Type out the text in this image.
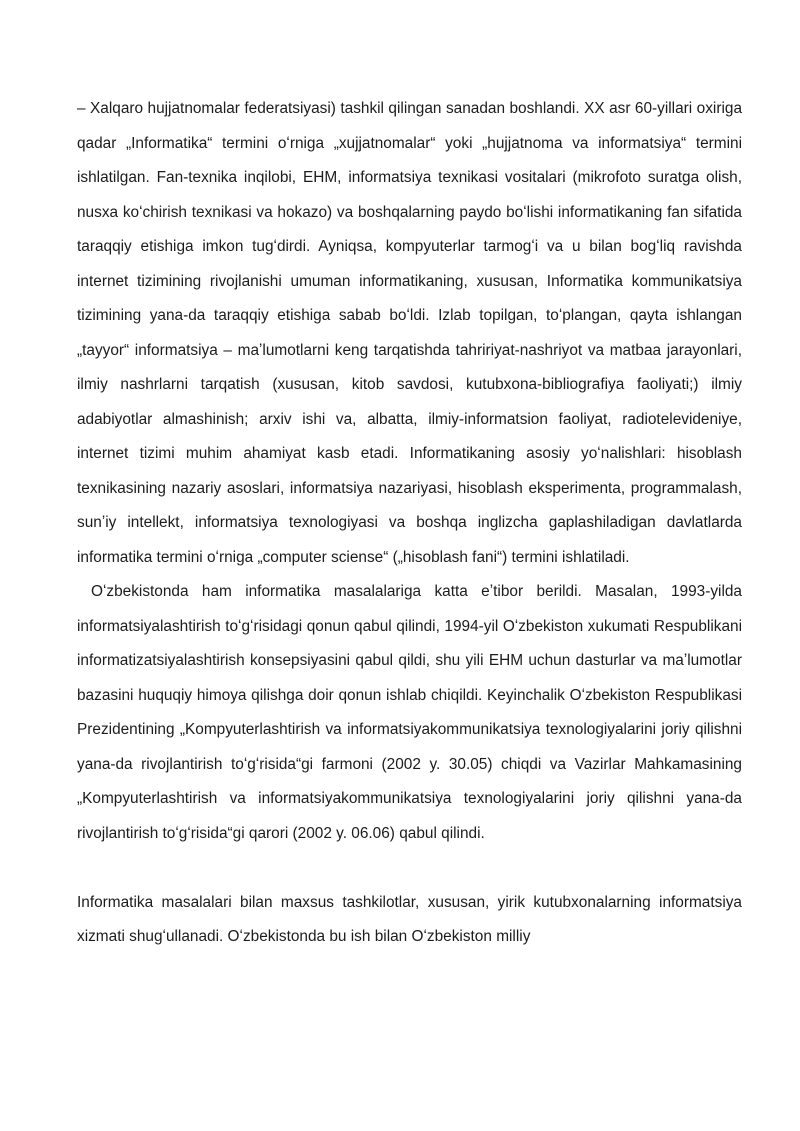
– Xalqaro hujjatnomalar federatsiyasi) tashkil qilingan sanadan boshlandi. XX asr 60-yillari oxiriga qadar „Informatika“ termini oʻrniga „xujjatnomalar“ yoki „hujjatnoma va informatsiya“ termini ishlatilgan. Fan-texnika inqilobi, EHM, informatsiya texnikasi vositalari (mikrofoto suratga olish, nusxa koʻchirish texnikasi va hokazo) va boshqalarning paydo boʻlishi informatikaning fan sifatida taraqqiy etishiga imkon tugʻdirdi. Ayniqsa, kompyuterlar tarmogʻi va u bilan bogʻliq ravishda internet tizimining rivojlanishi umuman informatikaning, xususan, Informatika kommunikatsiya tizimining yana-da taraqqiy etishiga sabab boʻldi. Izlab topilgan, toʻplangan, qayta ishlangan „tayyor“ informatsiya – maʼlumotlarni keng tarqatishda tahririyat-nashriyot va matbaa jarayonlari, ilmiy nashrlarni tarqatish (xususan, kitob savdosi, kutubxona-bibliografiya faoliyati;) ilmiy adabiyotlar almashinish; arxiv ishi va, albatta, ilmiy-informatsion faoliyat, radiotelevideniye, internet tizimi muhim ahamiyat kasb etadi. Informatikaning asosiy yoʻnalishlari: hisoblash texnikasining nazariy asoslari, informatsiya nazariyasi, hisoblash eksperimenta, programmalash, sunʼiy intellekt, informatsiya texnologiyasi va boshqa inglizcha gaplashiladigan davlatlarda informatika termini oʻrniga „computer sciense“ („hisoblash fani“) termini ishlatiladi.

Oʻzbekistonda ham informatika masalalariga katta eʼtibor berildi. Masalan, 1993-yilda informatsiyalashtirish toʻgʻrisidagi qonun qabul qilindi, 1994-yil Oʻzbekiston xukumati Respublikani informatizatsiyalashtirish konsepsiyasini qabul qildi, shu yili EHM uchun dasturlar va maʼlumotlar bazasini huquqiy himoya qilishga doir qonun ishlab chiqildi. Keyinchalik Oʻzbekiston Respublikasi Prezidentining „Kompyuterlashtirish va informatsiyakommunikatsiya texnologiyalarini joriy qilishni yana-da rivojlantirish toʻgʻrisida“gi farmoni (2002 y. 30.05) chiqdi va Vazirlar Mahkamasining „Kompyuterlashtirish va informatsiyakommunikatsiya texnologiyalarini joriy qilishni yana-da rivojlantirish toʻgʻrisida“gi qarori (2002 y. 06.06) qabul qilindi.

Informatika masalalari bilan maxsus tashkilotlar, xususan, yirik kutubxonalarning informatsiya xizmati shugʻullanadi. Oʻzbekistonda bu ish bilan Oʻzbekiston milliy
